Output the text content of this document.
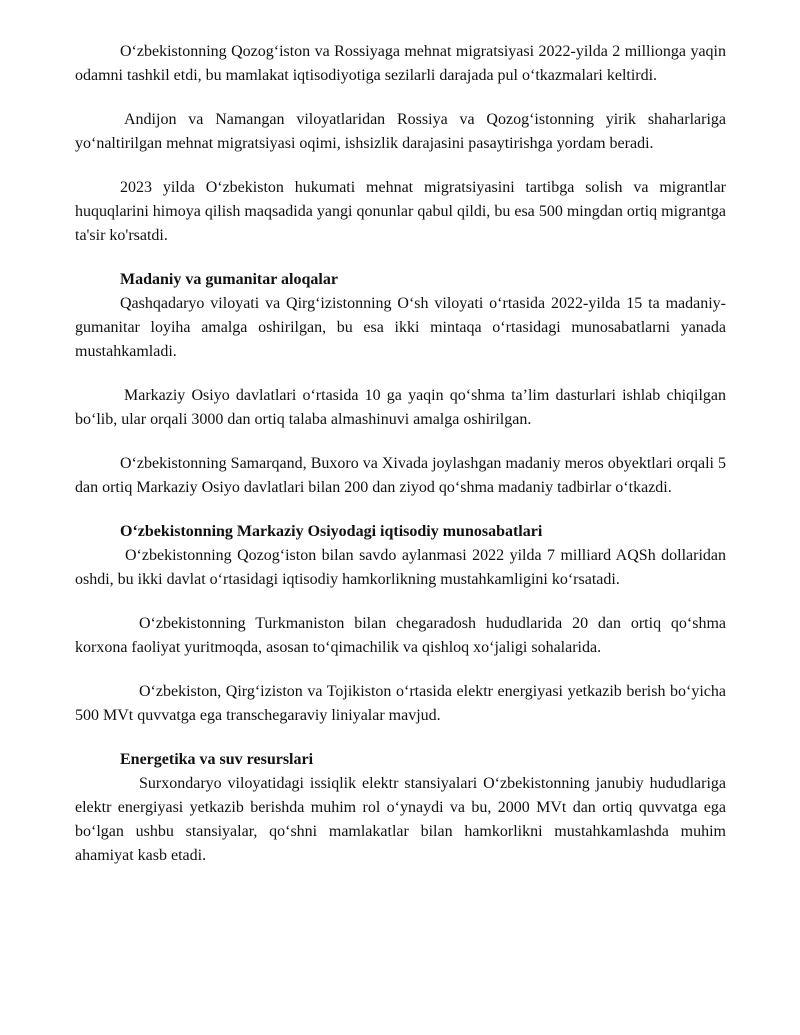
O‘zbekistonning Qozog‘iston va Rossiyaga mehnat migratsiyasi 2022-yilda 2 millionga yaqin odamni tashkil etdi, bu mamlakat iqtisodiyotiga sezilarli darajada pul o‘tkazmalari keltirdi.

Andijon va Namangan viloyatlaridan Rossiya va Qozog‘istonning yirik shaharlariga yo‘naltirilgan mehnat migratsiyasi oqimi, ishsizlik darajasini pasaytirishga yordam beradi.

2023 yilda O‘zbekiston hukumati mehnat migratsiyasini tartibga solish va migrantlar huquqlarini himoya qilish maqsadida yangi qonunlar qabul qildi, bu esa 500 mingdan ortiq migrantga ta'sir ko'rsatdi.

Madaniy va gumanitar aloqalar

Qashqadaryo viloyati va Qirg‘izistonning O‘sh viloyati o‘rtasida 2022-yilda 15 ta madaniy-gumanitar loyiha amalga oshirilgan, bu esa ikki mintaqa o‘rtasidagi munosabatlarni yanada mustahkamladi.

Markaziy Osiyo davlatlari o‘rtasida 10 ga yaqin qo‘shma ta’lim dasturlari ishlab chiqilgan bo‘lib, ular orqali 3000 dan ortiq talaba almashinuvi amalga oshirilgan.

O‘zbekistonning Samarqand, Buxoro va Xivada joylashgan madaniy meros obyektlari orqali 5 dan ortiq Markaziy Osiyo davlatlari bilan 200 dan ziyod qo‘shma madaniy tadbirlar o‘tkazdi.

O‘zbekistonning Markaziy Osiyodagi iqtisodiy munosabatlari

O‘zbekistonning Qozog‘iston bilan savdo aylanmasi 2022 yilda 7 milliard AQSh dollaridan oshdi, bu ikki davlat o‘rtasidagi iqtisodiy hamkorlikning mustahkamligini ko‘rsatadi.

O‘zbekistonning Turkmaniston bilan chegaradosh hududlarida 20 dan ortiq qo‘shma korxona faoliyat yuritmoqda, asosan to‘qimachilik va qishloq xo‘jaligi sohalarida.

O‘zbekiston, Qirg‘iziston va Tojikiston o‘rtasida elektr energiyasi yetkazib berish bo‘yicha 500 MVt quvvatga ega transchegaraviy liniyalar mavjud.

Energetika va suv resurslari

Surxondaryo viloyatidagi issiqlik elektr stansiyalari O‘zbekistonning janubiy hududlariga elektr energiyasi yetkazib berishda muhim rol o‘ynaydi va bu, 2000 MVt dan ortiq quvvatga ega bo‘lgan ushbu stansiyalar, qo‘shni mamlakatlar bilan hamkorlikni mustahkamlashda muhim ahamiyat kasb etadi.
